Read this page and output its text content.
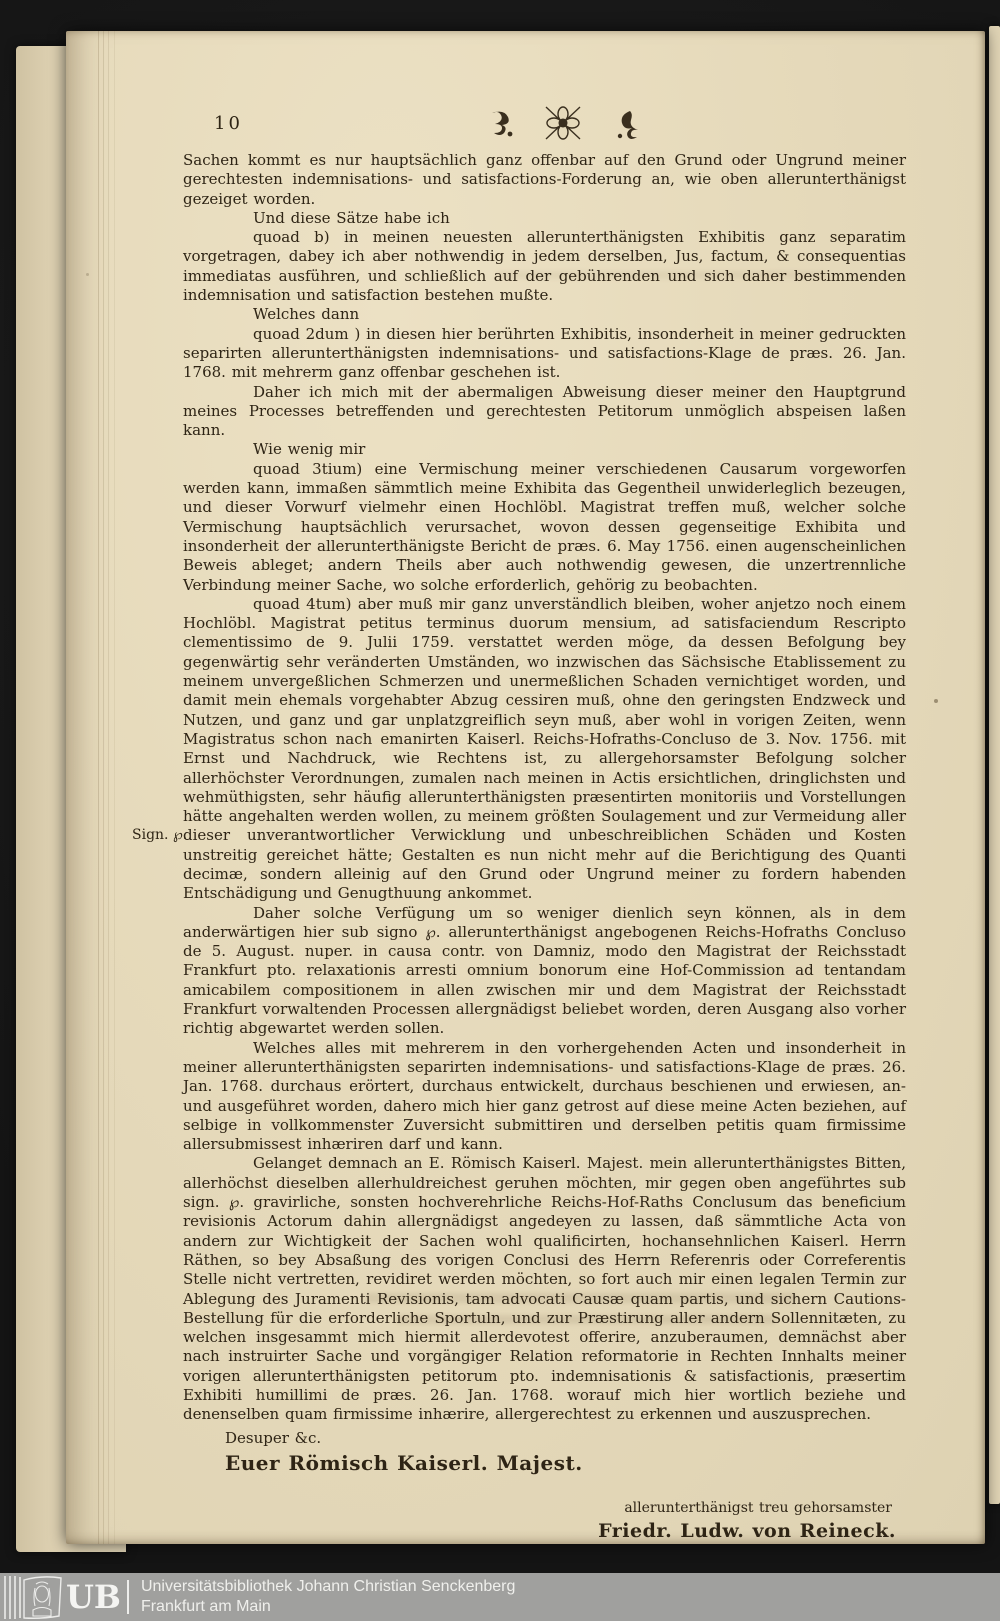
10
Sign. ℘.

Sachen kommt es nur hauptsächlich ganz offenbar auf den Grund oder Ungrund meiner gerechtesten indemnisations- und satisfactions-Forderung an, wie oben allerunterthänigst gezeiget worden.

Und diese Sätze habe ich

quoad b) in meinen neuesten allerunterthänigsten Exhibitis ganz separatim vorgetragen, dabey ich aber nothwendig in jedem derselben, Jus, factum, & consequentias immediatas ausführen, und schließlich auf der gebührenden und sich daher bestimmenden indemnisation und satisfaction bestehen mußte.

Welches dann

quoad 2dum ) in diesen hier berührten Exhibitis, insonderheit in meiner gedruckten separirten allerunterthänigsten indemnisations- und satisfactions-Klage de præs. 26. Jan. 1768. mit mehrerm ganz offenbar geschehen ist.

Daher ich mich mit der abermaligen Abweisung dieser meiner den Hauptgrund meines Processes betreffenden und gerechtesten Petitorum unmöglich abspeisen laßen kann.

Wie wenig mir

quoad 3tium) eine Vermischung meiner verschiedenen Causarum vorgeworfen werden kann, immaßen sämmtlich meine Exhibita das Gegentheil unwiderleglich bezeugen, und dieser Vorwurf vielmehr einen Hochlöbl. Magistrat treffen muß, welcher solche Vermischung hauptsächlich verursachet, wovon dessen gegenseitige Exhibita und insonderheit der allerunterthänigste Bericht de præs. 6. May 1756. einen augenscheinlichen Beweis ableget; andern Theils aber auch nothwendig gewesen, die unzertrennliche Verbindung meiner Sache, wo solche erforderlich, gehörig zu beobachten.

quoad 4tum) aber muß mir ganz unverständlich bleiben, woher anjetzo noch einem Hochlöbl. Magistrat petitus terminus duorum mensium, ad satisfaciendum Rescripto clementissimo de 9. Julii 1759. verstattet werden möge, da dessen Befolgung bey gegenwärtig sehr veränderten Umständen, wo inzwischen das Sächsische Etablissement zu meinem unvergeßlichen Schmerzen und unermeßlichen Schaden vernichtiget worden, und damit mein ehemals vorgehabter Abzug cessiren muß, ohne den geringsten Endzweck und Nutzen, und ganz und gar unplatzgreiflich seyn muß, aber wohl in vorigen Zeiten, wenn Magistratus schon nach emanirten Kaiserl. Reichs-Hofraths-Concluso de 3. Nov. 1756. mit Ernst und Nachdruck, wie Rechtens ist, zu allergehorsamster Befolgung solcher allerhöchster Verordnungen, zumalen nach meinen in Actis ersichtlichen, dringlichsten und wehmüthigsten, sehr häufig allerunterthänigsten præsentirten monitoriis und Vorstellungen hätte angehalten werden wollen, zu meinem größten Soulagement und zur Vermeidung aller dieser unverantwortlicher Verwicklung und unbeschreiblichen Schäden und Kosten unstreitig gereichet hätte; Gestalten es nun nicht mehr auf die Berichtigung des Quanti decimæ, sondern alleinig auf den Grund oder Ungrund meiner zu fordern habenden Entschädigung und Genugthuung ankommet.

Daher solche Verfügung um so weniger dienlich seyn können, als in dem anderwärtigen hier sub signo ℘. allerunterthänigst angebogenen Reichs-Hofraths Concluso de 5. August. nuper. in causa contr. von Damniz, modo den Magistrat der Reichsstadt Frankfurt pto. relaxationis arresti omnium bonorum eine Hof-Commission ad tentandam amicabilem compositionem in allen zwischen mir und dem Magistrat der Reichsstadt Frankfurt vorwaltenden Processen allergnädigst beliebet worden, deren Ausgang also vorher richtig abgewartet werden sollen.

Welches alles mit mehrerem in den vorhergehenden Acten und insonderheit in meiner allerunterthänigsten separirten indemnisations- und satisfactions-Klage de præs. 26. Jan. 1768. durchaus erörtert, durchaus entwickelt, durchaus beschienen und erwiesen, an- und ausgeführet worden, dahero mich hier ganz getrost auf diese meine Acten beziehen, auf selbige in vollkommenster Zuversicht submittiren und derselben petitis quam firmissime allersubmissest inhæriren darf und kann.

Gelanget demnach an E. Römisch Kaiserl. Majest. mein allerunterthänigstes Bitten, allerhöchst dieselben allerhuldreichest geruhen möchten, mir gegen oben angeführtes sub sign. ℘. gravirliche, sonsten hochverehrliche Reichs-Hof-Raths Conclusum das beneficium revisionis Actorum dahin allergnädigst angedeyen zu lassen, daß sämmtliche Acta von andern zur Wichtigkeit der Sachen wohl qualificirten, hochansehnlichen Kaiserl. Herrn Räthen, so bey Absaßung des vorigen Conclusi des Herrn Referenris oder Correferentis Stelle nicht vertretten, revidiret werden möchten, so fort auch mir einen legalen Termin zur Ablegung des Juramenti Revisionis, tam advocati Causæ quam partis, und sichern Cautions-Bestellung für die erforderliche Sportuln, und zur Præstirung aller andern Sollennitæten, zu welchen insgesammt mich hiermit allerdevotest offerire, anzuberaumen, demnächst aber nach instruirter Sache und vorgängiger Relation reformatorie in Rechten Innhalts meiner vorigen allerunterthänigsten petitorum pto. indemnisationis & satisfactionis, præsertim Exhibiti humillimi de præs. 26. Jan. 1768. worauf mich hier wortlich beziehe und denenselben quam firmissime inhærire, allergerechtest zu erkennen und auszusprechen.

Desuper &c.

Euer Römisch Kaiserl. Majest.

allerunterthänigst treu gehorsamster

Friedr. Ludw. von Reineck.

UB Universitätsbibliothek Johann Christian Senckenberg
Frankfurt am Main
